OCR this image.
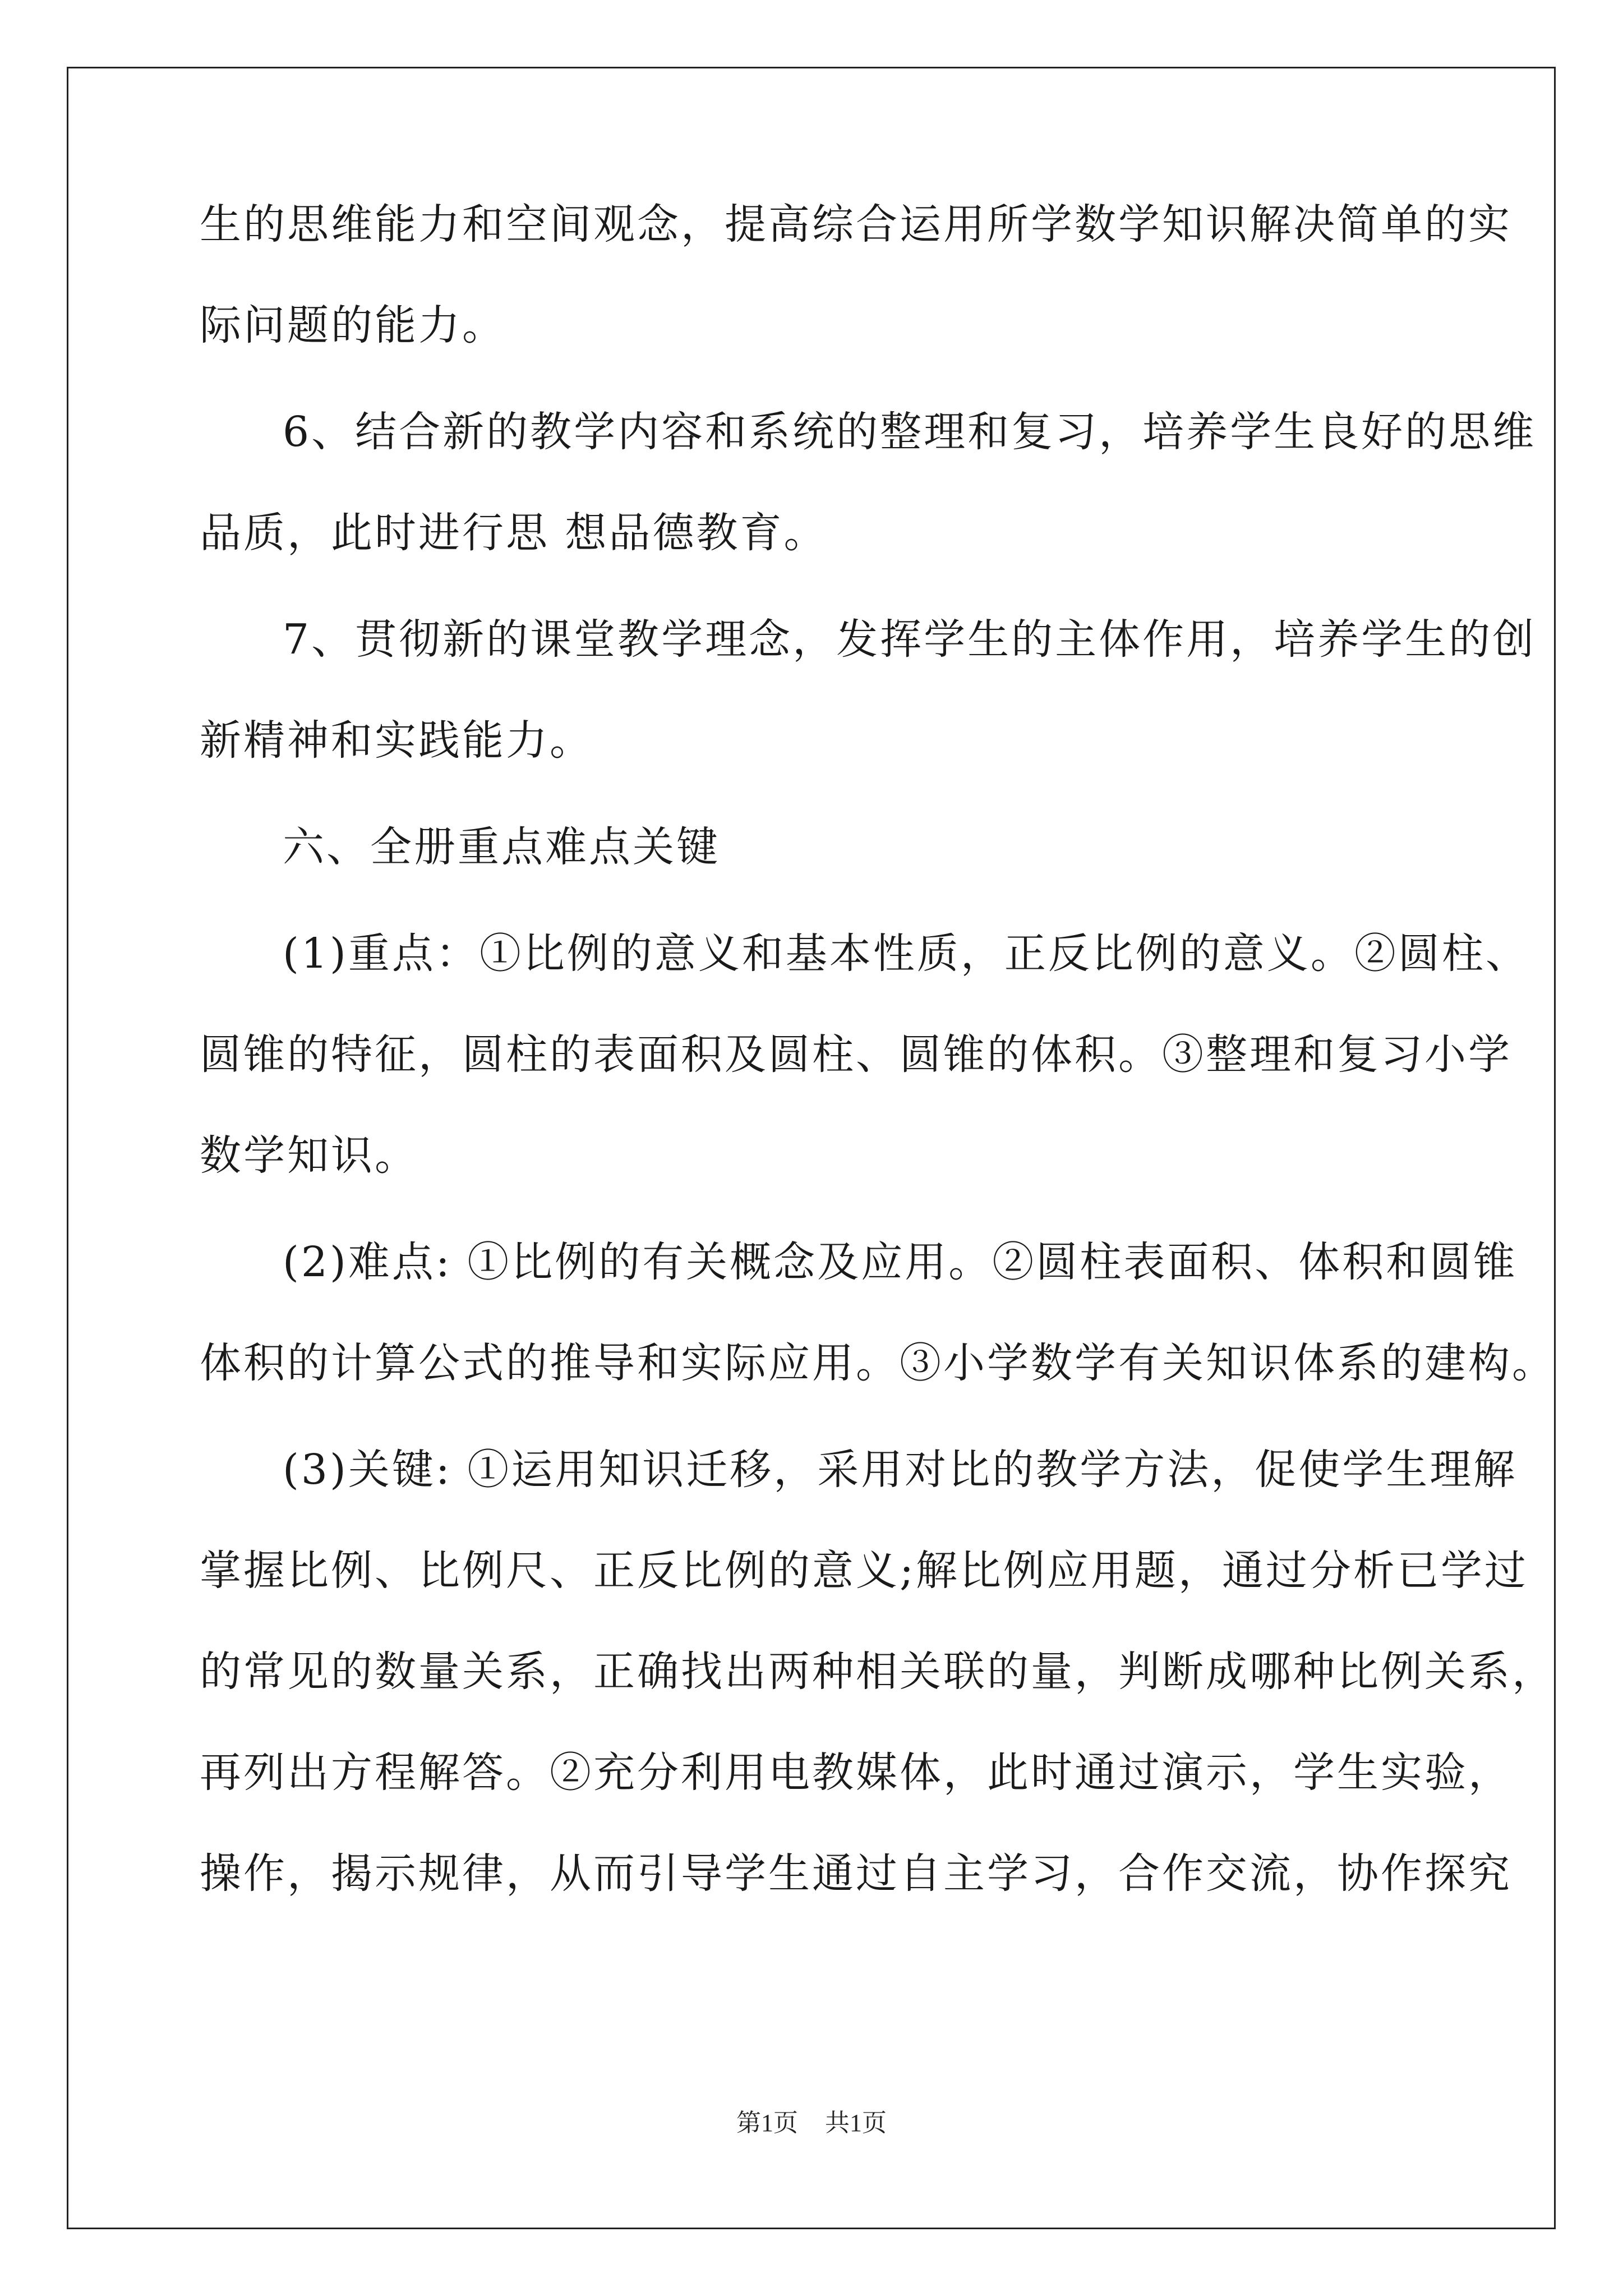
生的思维能力和空间观念，提高综合运用所学数学知识解决简单的实
际问题的能力。
6、结合新的教学内容和系统的整理和复习，培养学生良好的思维
品质，此时进行思 想品德教育。
7、贯彻新的课堂教学理念，发挥学生的主体作用，培养学生的创
新精神和实践能力。
六、全册重点难点关键
(1)重点：①比例的意义和基本性质，正反比例的意义。②圆柱、
圆锥的特征，圆柱的表面积及圆柱、圆锥的体积。③整理和复习小学
数学知识。
(2)难点: ①比例的有关概念及应用。②圆柱表面积、体积和圆锥
体积的计算公式的推导和实际应用。③小学数学有关知识体系的建构。
(3)关键: ①运用知识迁移，采用对比的教学方法，促使学生理解
掌握比例、比例尺、正反比例的意义;解比例应用题，通过分析已学过
的常见的数量关系，正确找出两种相关联的量，判断成哪种比例关系，
再列出方程解答。②充分利用电教媒体，此时通过演示，学生实验，
操作，揭示规律，从而引导学生通过自主学习，合作交流，协作探究
第1页 共1页
